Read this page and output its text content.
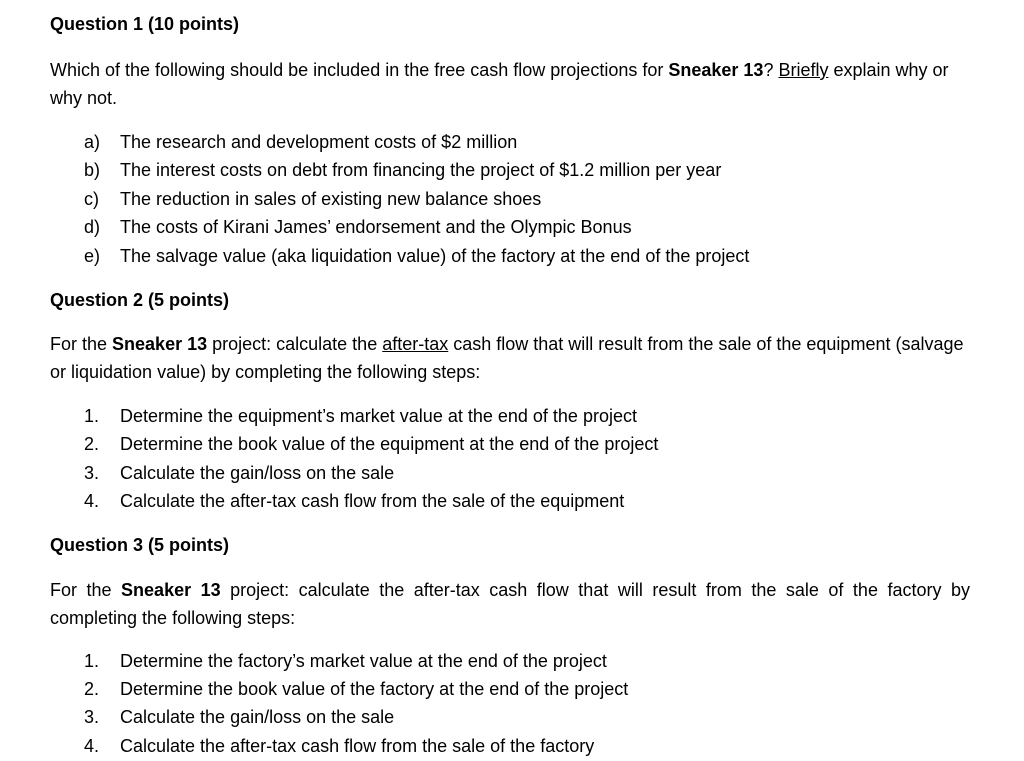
Question 1 (10 points)

Which of the following should be included in the free cash flow projections for Sneaker 13? Briefly explain why or why not.

a) The research and development costs of $2 million
b) The interest costs on debt from financing the project of $1.2 million per year
c) The reduction in sales of existing new balance shoes
d) The costs of Kirani James’ endorsement and the Olympic Bonus
e) The salvage value (aka liquidation value) of the factory at the end of the project
Question 2 (5 points)

For the Sneaker 13 project: calculate the after-tax cash flow that will result from the sale of the equipment (salvage or liquidation value) by completing the following steps:

1. Determine the equipment’s market value at the end of the project
2. Determine the book value of the equipment at the end of the project
3. Calculate the gain/loss on the sale
4. Calculate the after-tax cash flow from the sale of the equipment
Question 3 (5 points)

For the Sneaker 13 project: calculate the after-tax cash flow that will result from the sale of the factory by completing the following steps:

1. Determine the factory’s market value at the end of the project
2. Determine the book value of the factory at the end of the project
3. Calculate the gain/loss on the sale
4. Calculate the after-tax cash flow from the sale of the factory
